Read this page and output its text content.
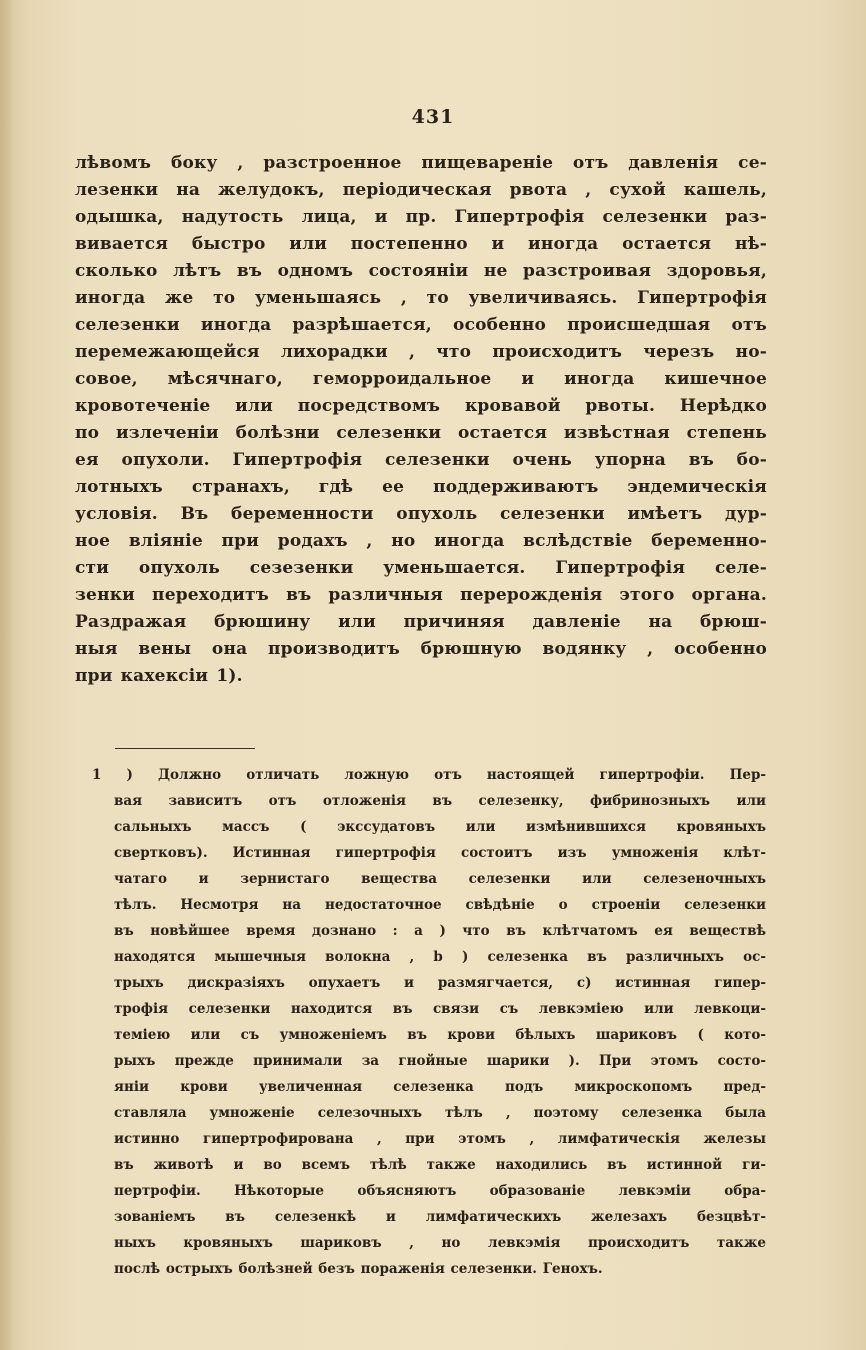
431
лѣвомъ боку , разстроенное пищевареніе отъ давленія се-
лезенки на желудокъ, періодическая рвота , сухой кашель,
одышка, надутость лица, и пр. Гипертрофія селезенки раз-
вивается быстро или постепенно и иногда остается нѣ-
сколько лѣтъ въ одномъ состояніи не разстроивая здоровья,
иногда же то уменьшаясь , то увеличиваясь. Гипертрофія
селезенки иногда разрѣшается, особенно происшедшая отъ
перемежающейся лихорадки , что происходитъ черезъ но-
совое, мѣсячнаго, геморроидальное и иногда кишечное
кровотеченіе или посредствомъ кровавой рвоты. Нерѣдко
по излеченіи болѣзни селезенки остается извѣстная степень
ея опухоли. Гипертрофія селезенки очень упорна въ бо-
лотныхъ странахъ, гдѣ ее поддерживаютъ эндемическія
условія. Въ беременности опухоль селезенки имѣетъ дур-
ное вліяніе при родахъ , но иногда вслѣдствіе беременно-
сти опухоль сезезенки уменьшается. Гипертрофія селе-
зенки переходитъ въ различныя перерожденія этого органа.
Раздражая брюшину или причиняя давленіе на брюш-
ныя вены она производитъ брюшную водянку , особенно
при кахексіи 1).
1 ) Должно отличать ложную отъ настоящей гипертрофіи. Пер-
вая зависитъ отъ отложенія въ селезенку, фибринозныхъ или
сальныхъ массъ ( экссудатовъ или измѣнившихся кровяныхъ
свертковъ). Истинная гипертрофія состоитъ изъ умноженія клѣт-
чатаго и зернистаго вещества селезенки или селезеночныхъ
тѣлъ. Несмотря на недостаточное свѣдѣніе о строеніи селезенки
въ новѣйшее время дознано : а ) что въ клѣтчатомъ ея веществѣ
находятся мышечныя волокна , b ) селезенка въ различныхъ ос-
трыхъ дискразіяхъ опухаетъ и размягчается, с) истинная гипер-
трофія селезенки находится въ связи съ левкэміею или левкоци-
темiею или съ умноженіемъ въ крови бѣлыхъ шариковъ ( кото-
рыхъ прежде принимали за гнойные шарики ). При этомъ состо-
яніи крови увеличенная селезенка подъ микроскопомъ пред-
ставляла умноженіе селезочныхъ тѣлъ , поэтому селезенка была
истинно гипертрофирована , при этомъ , лимфатическія железы
въ животѣ и во всемъ тѣлѣ также находились въ истинной ги-
пертрофіи. Нѣкоторые объясняютъ образованіе левкэміи обра-
зованіемъ въ селезенкѣ и лимфатическихъ железахъ безцвѣт-
ныхъ кровяныхъ шариковъ , но левкэмія происходитъ также
послѣ острыхъ болѣзней безъ пораженія селезенки. Генохъ.
